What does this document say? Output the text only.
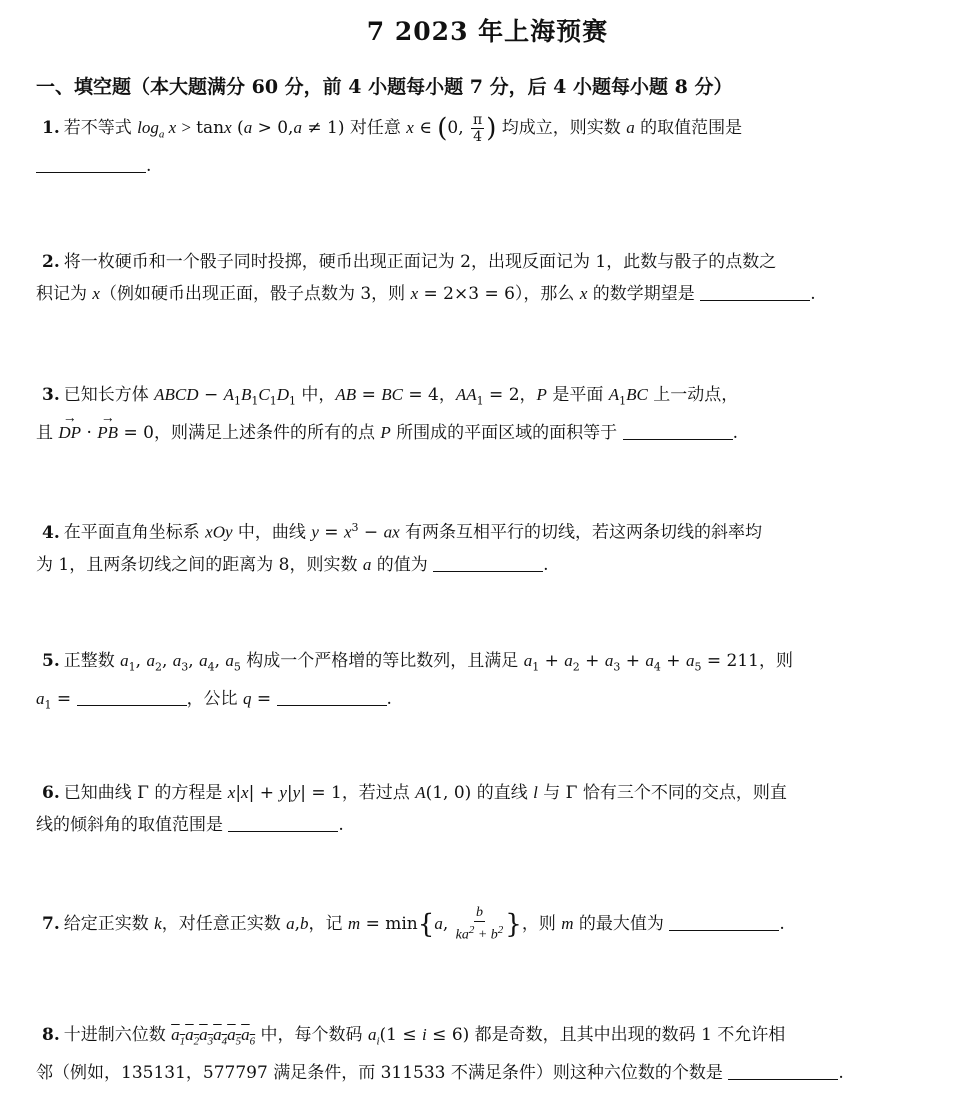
7 2023 年上海预赛
一、填空题（本大题满分 60 分，前 4 小题每小题 7 分，后 4 小题每小题 8 分）
1. 若不等式 $\log_a x > \tan x$ (a > 0,a ≠ 1) 对任意 x ∈ (0, $\frac{\pi}{4}$ ) 均成立，则实数 a 的取值范围是
.
2. 将一枚硬币和一个骰子同时投掷，硬币出现正面记为 2，出现反面记为 1，此数与骰子的点数之
积记为 x（例如硬币出现正面，骰子点数为 3，则 x = 2×3 = 6），那么 x 的数学期望是	.
3. 已知长方体 ABCD − $A_1B_1C_1D_1$ 中，AB = BC = 4，$AA_1 = 2$，P 是平面 $A_1BC$ 上一动点，
且 → DP · → PB = 0，则满足上述条件的所有的点 P 所围成的平面区域的面积等于	.
4. 在平面直角坐标系 xOy 中，曲线 $y = x^3$ − ax 有两条互相平行的切线，若这两条切线的斜率均
为 1，且两条切线之间的距离为 8，则实数 a 的值为	.
5. 正整数 $a_1$, $a_2$, $a_3$, $a_4$, $a_5$ 构成一个严格增的等比数列，且满足 $a_1 + a_2 + a_3 + a_4 + a_5 = 211$，则
$a_1$ =	，公比 q =	.
6. 已知曲线 Γ 的方程是 x|x| + y|y| = 1，若过点 A(1, 0) 的直线 l 与 Γ 恰有三个不同的交点，则直
线的倾斜角的取值范围是	.
7. 给定正实数 k，对任意正实数 a,b，记 m = min{a, $\frac{b}{ka^2 + b^2}$ }，则 m 的最大值为	.
8. 十进制六位数 $a_1a_2a_3a_4a_5a_6$ 中，每个数码 $a_i(1 \le i \le 6)$ 都是奇数，且其中出现的数码 1 不允许相
邻（例如，135131，577797 满足条件，而 311533 不满足条件）则这种六位数的个数是	.
